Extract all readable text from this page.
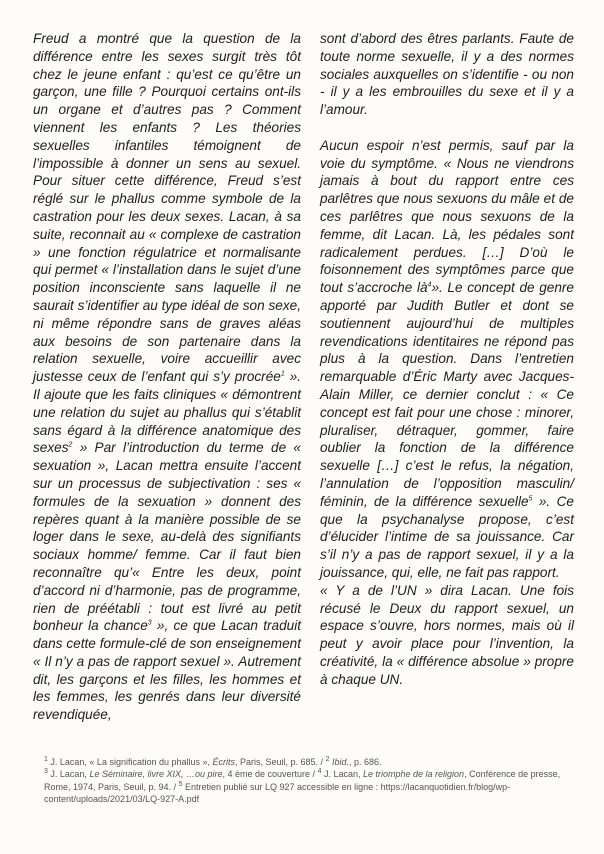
Freud a montré que la question de la différence entre les sexes surgit très tôt chez le jeune enfant : qu’est ce qu’être un garçon, une fille ? Pourquoi certains ont-ils un organe et d’autres pas ? Comment viennent les enfants ? Les théories sexuelles infantiles témoignent de l’impossible à donner un sens au sexuel. Pour situer cette différence, Freud s’est réglé sur le phallus comme symbole de la castration pour les deux sexes. Lacan, à sa suite, reconnait au « complexe de castration » une fonction régulatrice et normalisante qui permet « l’installation dans le sujet d’une position inconsciente sans laquelle il ne saurait s’identifier au type idéal de son sexe, ni même répondre sans de graves aléas aux besoins de son partenaire dans la relation sexuelle, voire accueillir avec justesse ceux de l’enfant qui s’y procrée$^1$ ». Il ajoute que les faits cliniques « démontrent une relation du sujet au phallus qui s’établit sans égard à la différence anatomique des sexes$^2$ » Par l’introduction du terme de « sexuation », Lacan mettra ensuite l’accent sur un processus de subjectivation : ses « formules de la sexuation » donnent des repères quant à la manière possible de se loger dans le sexe, au-delà des signifiants sociaux homme/ femme. Car il faut bien reconnaître qu’« Entre les deux, point d’accord ni d’harmonie, pas de programme, rien de préétabli : tout est livré au petit bonheur la chance$^3$ », ce que Lacan traduit dans cette formule-clé de son enseignement « Il n’y a pas de rapport sexuel ». Autrement dit, les garçons et les filles, les hommes et les femmes, les genrés dans leur diversité revendiquée,

sont d’abord des êtres parlants. Faute de toute norme sexuelle, il y a des normes sociales auxquelles on s’identifie - ou non - il y a les embrouilles du sexe et il y a l’amour.

Aucun espoir n’est permis, sauf par la voie du symptôme. « Nous ne viendrons jamais à bout du rapport entre ces parlêtres que nous sexuons du mâle et de ces parlêtres que nous sexuons de la femme, dit Lacan. Là, les pédales sont radicalement perdues. […] D’où le foisonnement des symptômes parce que tout s’accroche $là^4$». Le concept de genre apporté par Judith Butler et dont se soutiennent aujourd’hui de multiples revendications identitaires ne répond pas plus à la question. Dans l’entretien remarquable d’Éric Marty avec Jacques-Alain Miller, ce dernier conclut : « Ce concept est fait pour une chose : minorer, pluraliser, détraquer, gommer, faire oublier la fonction de la différence sexuelle […] c’est le refus, la négation, l’annulation de l’opposition masculin/ féminin, de la différence sexuelle$^5$ ». Ce que la psychanalyse propose, c’est d’élucider l’intime de sa jouissance. Car s’il n’y a pas de rapport sexuel, il y a la jouissance, qui, elle, ne fait pas rapport.

« Y a de l’UN » dira Lacan. Une fois récusé le Deux du rapport sexuel, un espace s’ouvre, hors normes, mais où il peut y avoir place pour l’invention, la créativité, la « différence absolue » propre à chaque UN.

$^1$ J. Lacan, « La signification du phallus », Écrits, Paris, Seuil, p. 685. / $^2$ Ibid., p. 686.
$^3$ J. Lacan, Le Séminaire, livre XIX, …ou pire, 4 ème de couverture / $^4$ J. Lacan, Le triomphe de la religion, Conférence de presse, Rome, 1974, Paris, Seuil, p. 94. / $^5$ Entretien publié sur LQ 927 accessible en ligne : https://lacanquotidien.fr/blog/wp-content/uploads/2021/03/LQ-927-A.pdf
